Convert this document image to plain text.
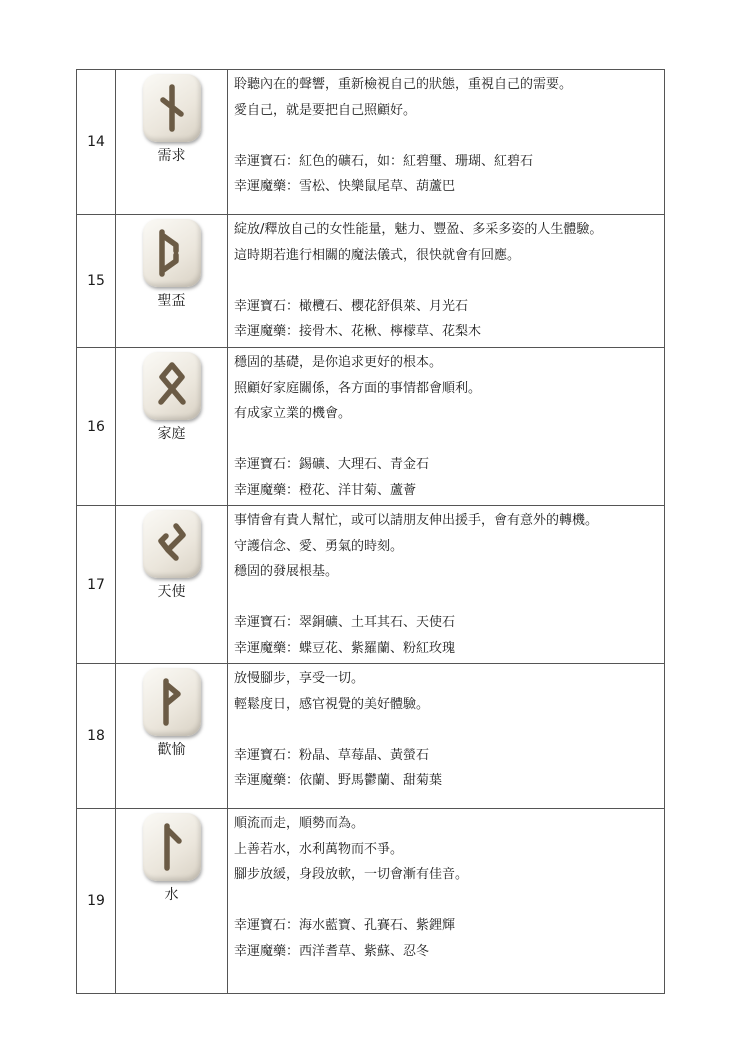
14	需求	聆聽內在的聲響，重新檢視自己的狀態，重視自己的需要。
愛自己，就是要把自己照顧好。
幸運寶石：紅色的礦石，如：紅碧璽、珊瑚、紅碧石
幸運魔藥：雪松、快樂鼠尾草、葫蘆巴

15	聖盃	綻放/釋放自己的女性能量，魅力、豐盈、多采多姿的人生體驗。
這時期若進行相關的魔法儀式，很快就會有回應。
幸運寶石：橄欖石、櫻花舒俱萊、月光石
幸運魔藥：接骨木、花楸、檸檬草、花梨木

16	家庭	穩固的基礎，是你追求更好的根本。
照顧好家庭關係，各方面的事情都會順利。
有成家立業的機會。
幸運寶石：錫礦、大理石、青金石
幸運魔藥：橙花、洋甘菊、蘆薈

17	天使	事情會有貴人幫忙，或可以請朋友伸出援手，會有意外的轉機。
守護信念、愛、勇氣的時刻。
穩固的發展根基。
幸運寶石：翠銅礦、土耳其石、天使石
幸運魔藥：蝶豆花、紫羅蘭、粉紅玫瑰

18	歡愉	放慢腳步，享受一切。
輕鬆度日，感官視覺的美好體驗。
幸運寶石：粉晶、草莓晶、黃螢石
幸運魔藥：依蘭、野馬鬱蘭、甜菊葉

19	水	順流而走，順勢而為。
上善若水，水利萬物而不爭。
腳步放緩，身段放軟，一切會漸有佳音。
幸運寶石：海水藍寶、孔賽石、紫鋰輝
幸運魔藥：西洋耆草、紫蘇、忍冬
